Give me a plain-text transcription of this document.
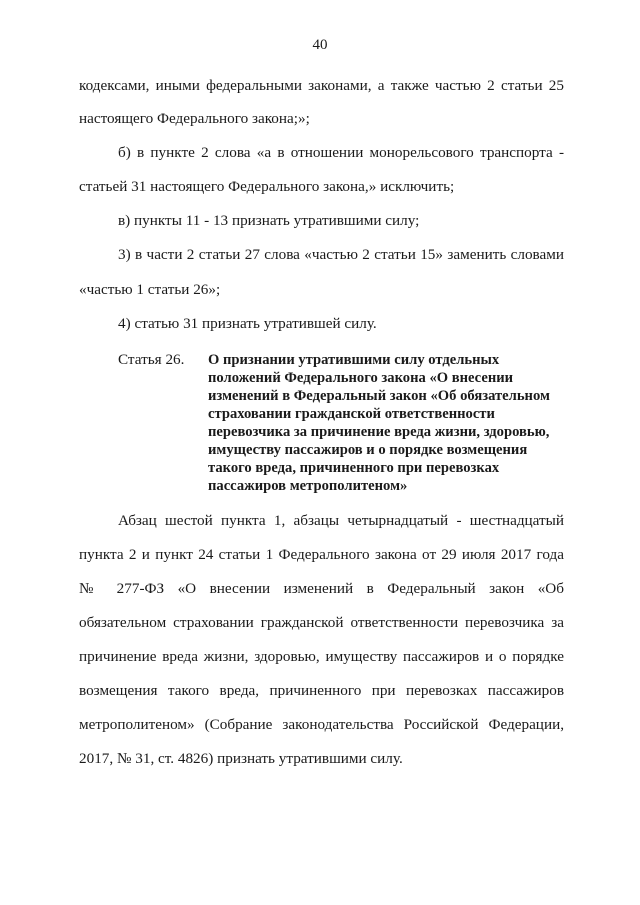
40
кодексами, иными федеральными законами, а также частью 2 статьи 25
настоящего Федерального закона;»;
б) в пункте 2 слова «а в отношении монорельсового транспорта -
статьей 31 настоящего Федерального закона,» исключить;
в) пункты 11 - 13 признать утратившими силу;
3) в части 2 статьи 27 слова «частью 2 статьи 15» заменить словами
«частью 1 статьи 26»;
4) статью 31 признать утратившей силу.
Статья 26. О признании утратившими силу отдельных
положений Федерального закона «О внесении
изменений в Федеральный закон «Об обязательном
страховании гражданской ответственности
перевозчика за причинение вреда жизни, здоровью,
имуществу пассажиров и о порядке возмещения
такого вреда, причиненного при перевозках
пассажиров метрополитеном»
Абзац шестой пункта 1, абзацы четырнадцатый - шестнадцатый
пункта 2 и пункт 24 статьи 1 Федерального закона от 29 июля 2017 года
№ 277-ФЗ «О внесении изменений в Федеральный закон «Об
обязательном страховании гражданской ответственности перевозчика за
причинение вреда жизни, здоровью, имуществу пассажиров и о порядке
возмещения такого вреда, причиненного при перевозках пассажиров
метрополитеном» (Собрание законодательства Российской Федерации,
2017, № 31, ст. 4826) признать утратившими силу.
